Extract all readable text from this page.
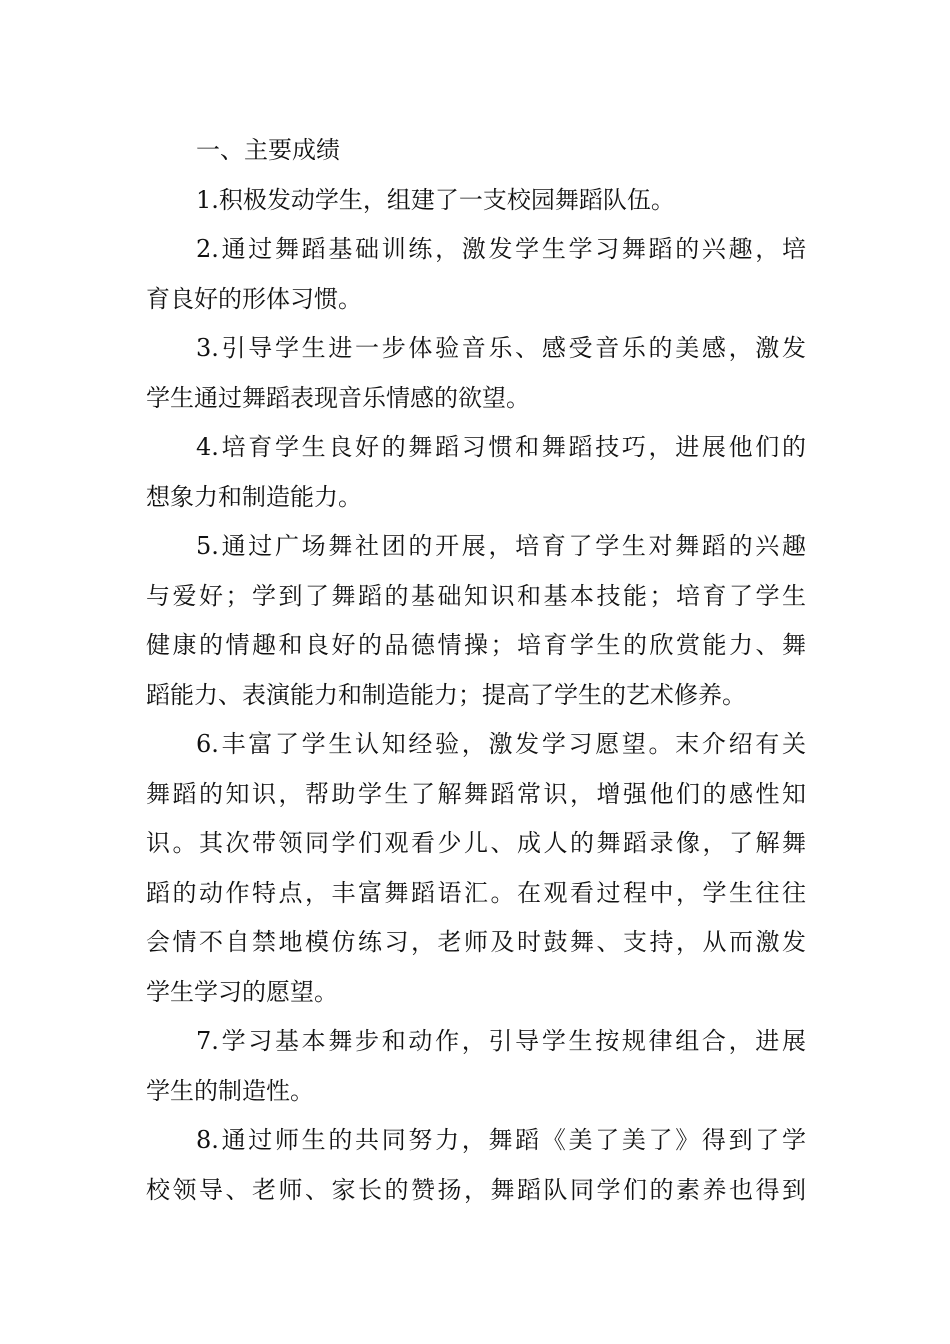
一、主要成绩
1.积极发动学生，组建了一支校园舞蹈队伍。
2.通过舞蹈基础训练，激发学生学习舞蹈的兴趣，培
育良好的形体习惯。
3.引导学生进一步体验音乐、感受音乐的美感，激发
学生通过舞蹈表现音乐情感的欲望。
4.培育学生良好的舞蹈习惯和舞蹈技巧，进展他们的
想象力和制造能力。
5.通过广场舞社团的开展，培育了学生对舞蹈的兴趣
与爱好；学到了舞蹈的基础知识和基本技能；培育了学生
健康的情趣和良好的品德情操；培育学生的欣赏能力、舞
蹈能力、表演能力和制造能力；提高了学生的艺术修养。
6.丰富了学生认知经验，激发学习愿望。末介绍有关
舞蹈的知识，帮助学生了解舞蹈常识，增强他们的感性知
识。其次带领同学们观看少儿、成人的舞蹈录像，了解舞
蹈的动作特点，丰富舞蹈语汇。在观看过程中，学生往往
会情不自禁地模仿练习，老师及时鼓舞、支持，从而激发
学生学习的愿望。
7.学习基本舞步和动作，引导学生按规律组合，进展
学生的制造性。
8.通过师生的共同努力，舞蹈《美了美了》得到了学
校领导、老师、家长的赞扬，舞蹈队同学们的素养也得到
